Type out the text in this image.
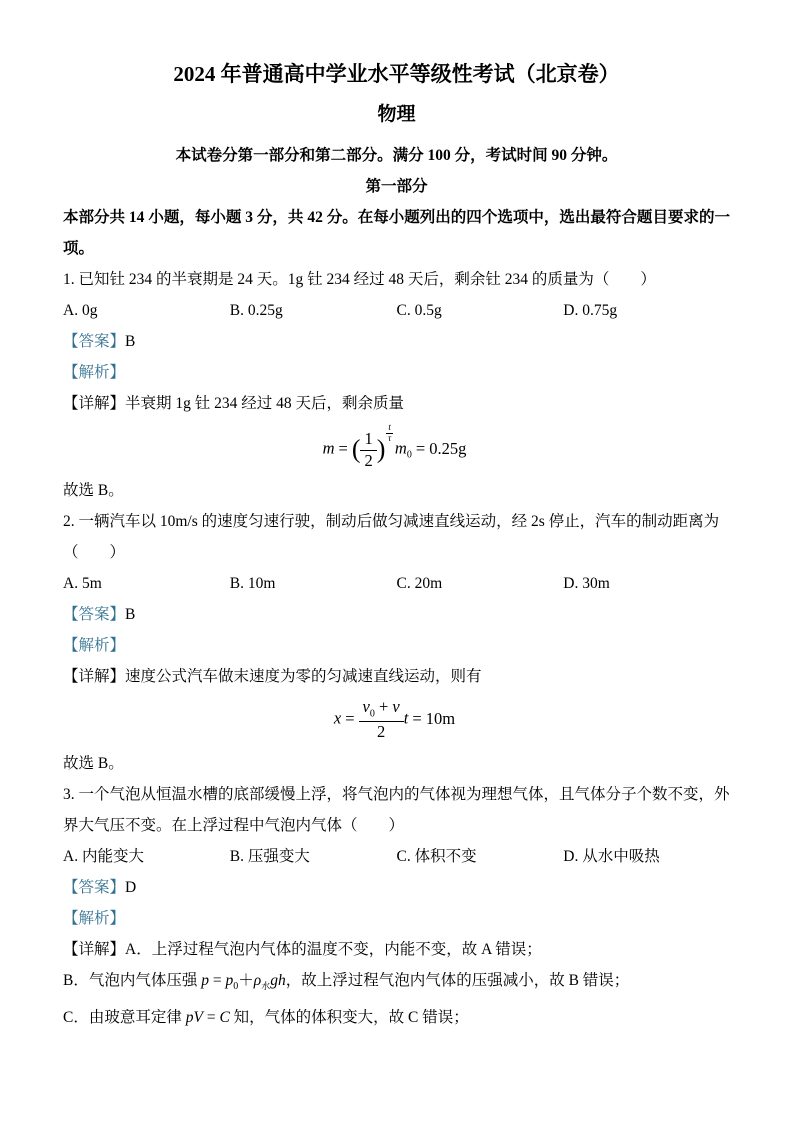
2024 年普通高中学业水平等级性考试（北京卷）
物理
本试卷分第一部分和第二部分。满分 100 分，考试时间 90 分钟。
第一部分
本部分共 14 小题，每小题 3 分，共 42 分。在每小题列出的四个选项中，选出最符合题目要求的一项。
1. 已知钍 234 的半衰期是 24 天。1g 钍 234 经过 48 天后，剩余钍 234 的质量为（　　）
A. 0g	B. 0.25g	C. 0.5g	D. 0.75g
【答案】B
【解析】
【详解】半衰期 1g 钍 234 经过 48 天后，剩余质量
m = ( $\frac{1}{2}$ )
$\frac{t}{\tau}$
$m_0 = 0.25g$
故选 B。
2. 一辆汽车以 10m/s 的速度匀速行驶，制动后做匀减速直线运动，经 2s 停止，汽车的制动距离为（　　）
A. 5m	B. 10m	C. 20m	D. 30m
【答案】B
【解析】
【详解】速度公式汽车做末速度为零的匀减速直线运动，则有
$x = \frac{v_0 + v}{2}$ t = 10m
故选 B。
3. 一个气泡从恒温水槽的底部缓慢上浮，将气泡内的气体视为理想气体，且气体分子个数不变，外界大气压不变。在上浮过程中气泡内气体（　　）
A. 内能变大	B. 压强变大	C. 体积不变	D. 从水中吸热
【答案】D
【解析】
【详解】A．上浮过程气泡内气体的温度不变，内能不变，故 A 错误；
B．气泡内气体压强 $p = p_0+\rho_水gh$，故上浮过程气泡内气体的压强减小，故 B 错误；
C．由玻意耳定律 pV = C 知，气体的体积变大，故 C 错误；
